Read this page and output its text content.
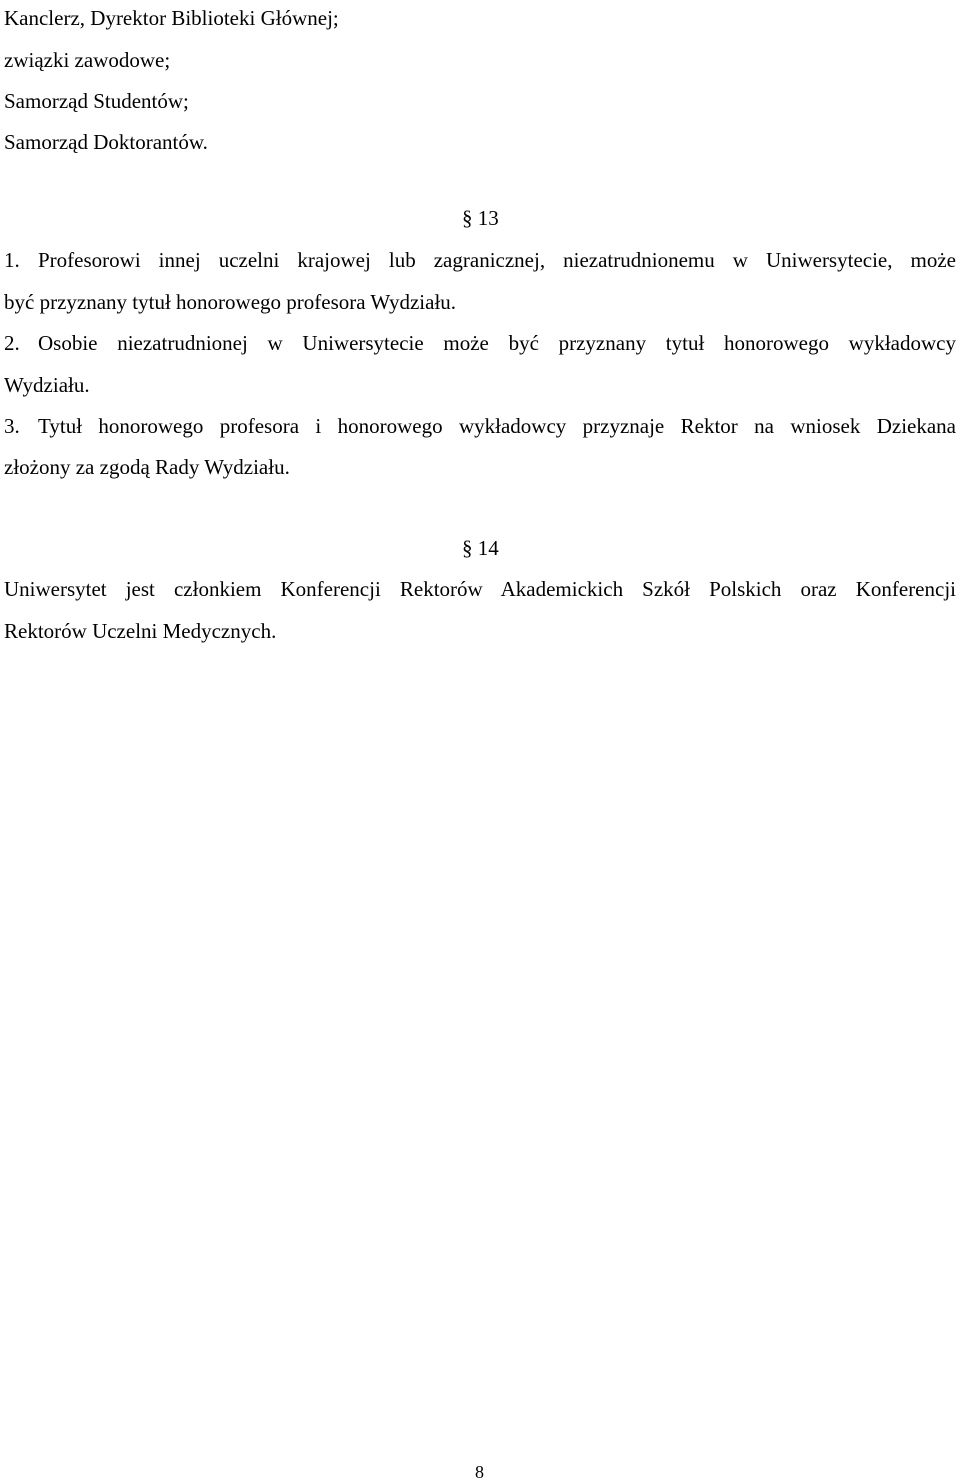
Kanclerz, Dyrektor Biblioteki Głównej;
związki zawodowe;
Samorząd Studentów;
Samorząd Doktorantów.
§ 13
1. Profesorowi innej uczelni krajowej lub zagranicznej, niezatrudnionemu w Uniwersytecie, może
być przyznany tytuł honorowego profesora Wydziału.
2. Osobie niezatrudnionej w Uniwersytecie może być przyznany tytuł honorowego wykładowcy
Wydziału.
3. Tytuł honorowego profesora i honorowego wykładowcy przyznaje Rektor na wniosek Dziekana
złożony za zgodą Rady Wydziału.
§ 14
Uniwersytet jest członkiem Konferencji Rektorów Akademickich Szkół Polskich oraz Konferencji
Rektorów Uczelni Medycznych.
8
